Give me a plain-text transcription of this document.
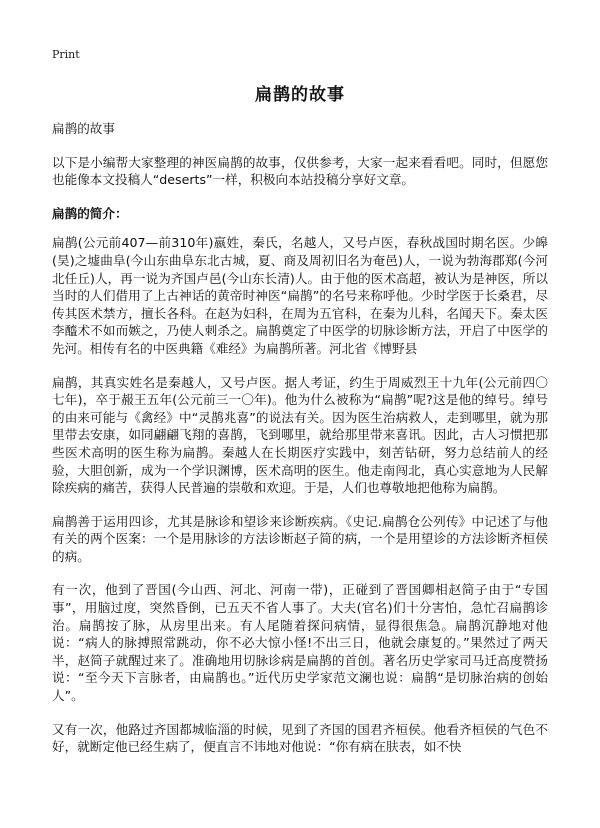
Print
扁鹊的故事

扁鹊的故事

以下是小编帮大家整理的神医扁鹊的故事，仅供参考，大家一起来看看吧。同时，但愿您也能像本文投稿人“deserts”一样，积极向本站投稿分享好文章。

扁鹊的简介：

扁鹊(公元前407—前310年)嬴姓，秦氏，名越人，又号卢医，春秋战国时期名医。少皞(昊)之墟曲阜(今山东曲阜东北古城，夏、商及周初旧名为奄邑)人，一说为勃海郡郑(今河北任丘)人，再一说为齐国卢邑(今山东长清)人。由于他的医术高超，被认为是神医，所以当时的人们借用了上古神话的黄帝时神医“扁鹊”的名号来称呼他。少时学医于长桑君，尽传其医术禁方，擅长各科。在赵为妇科，在周为五官科，在秦为儿科，名闻天下。秦太医李醯术不如而嫉之，乃使人刺杀之。扁鹊奠定了中医学的切脉诊断方法，开启了中医学的先河。相传有名的中医典籍《难经》为扁鹊所著。河北省《博野县

扁鹊，其真实姓名是秦越人，又号卢医。据人考证，约生于周威烈王十九年(公元前四〇七年)，卒于赧王五年(公元前三一〇年)。他为什么被称为“扁鹊”呢?这是他的绰号。绰号的由来可能与《禽经》中“灵鹊兆喜”的说法有关。因为医生治病救人，走到哪里，就为那里带去安康，如同翩翩飞翔的喜鹊，飞到哪里，就给那里带来喜讯。因此，古人习惯把那些医术高明的医生称为扁鹊。秦越人在长期医疗实践中，刻苦钻研，努力总结前人的经验，大胆创新，成为一个学识渊博，医术高明的医生。他走南闯北，真心实意地为人民解除疾病的痛苦，获得人民普遍的崇敬和欢迎。于是，人们也尊敬地把他称为扁鹊。

扁鹊善于运用四诊，尤其是脉诊和望诊来诊断疾病。《史记.扁鹊仓公列传》中记述了与他有关的两个医案：一个是用脉诊的方法诊断赵子简的病，一个是用望诊的方法诊断齐桓侯的病。

有一次，他到了晋国(今山西、河北、河南一带)，正碰到了晋国卿相赵简子由于“专国事”，用脑过度，突然昏倒，已五天不省人事了。大夫(官名)们十分害怕，急忙召扁鹊诊治。扁鹊按了脉，从房里出来。有人尾随着探问病情，显得很焦急。扁鹊沉静地对他说：“病人的脉搏照常跳动，你不必大惊小怪!不出三日，他就会康复的。”果然过了两天半，赵简子就醒过来了。准确地用切脉诊病是扁鹊的首创。著名历史学家司马迁高度赞扬说：“至今天下言脉者，由扁鹊也。”近代历史学家范文澜也说：扁鹊“是切脉治病的创始人”。

又有一次，他路过齐国都城临淄的时候，见到了齐国的国君齐桓侯。他看齐桓侯的气色不好，就断定他已经生病了，便直言不讳地对他说：“你有病在肤表，如不快
